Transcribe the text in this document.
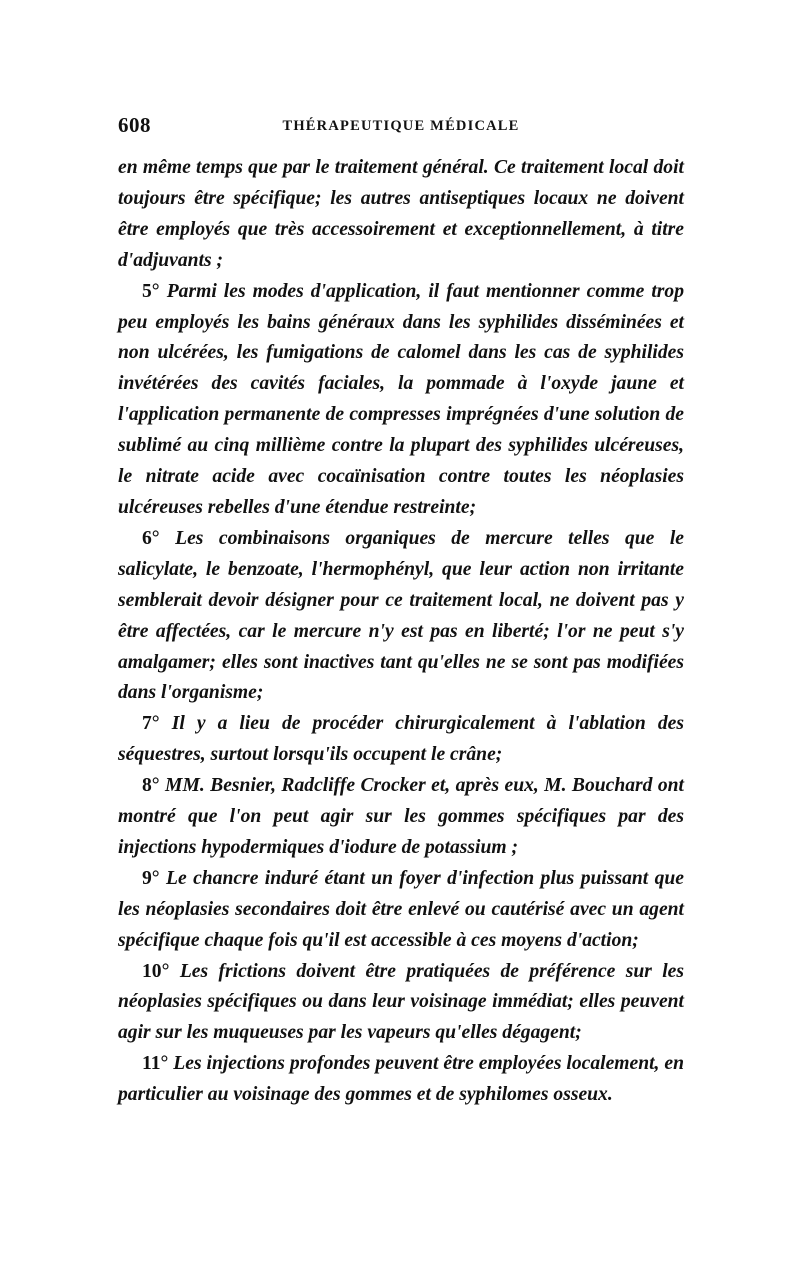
608	THÉRAPEUTIQUE MÉDICALE

en même temps que par le traitement général. Ce traitement local doit toujours être spécifique; les autres antiseptiques locaux ne doivent être employés que très accessoirement et exceptionnellement, à titre d'adjuvants ;

5° Parmi les modes d'application, il faut mentionner comme trop peu employés les bains généraux dans les syphilides disséminées et non ulcérées, les fumigations de calomel dans les cas de syphilides invétérées des cavités faciales, la pommade à l'oxyde jaune et l'application permanente de compresses imprégnées d'une solution de sublimé au cinq millième contre la plupart des syphilides ulcéreuses, le nitrate acide avec cocaïnisation contre toutes les néoplasies ulcéreuses rebelles d'une étendue restreinte;

6° Les combinaisons organiques de mercure telles que le salicylate, le benzoate, l'hermophényl, que leur action non irritante semblerait devoir désigner pour ce traitement local, ne doivent pas y être affectées, car le mercure n'y est pas en liberté; l'or ne peut s'y amalgamer; elles sont inactives tant qu'elles ne se sont pas modifiées dans l'organisme;

7° Il y a lieu de procéder chirurgicalement à l'ablation des séquestres, surtout lorsqu'ils occupent le crâne;

8° MM. Besnier, Radcliffe Crocker et, après eux, M. Bouchard ont montré que l'on peut agir sur les gommes spécifiques par des injections hypodermiques d'iodure de potassium ;

9° Le chancre induré étant un foyer d'infection plus puissant que les néoplasies secondaires doit être enlevé ou cautérisé avec un agent spécifique chaque fois qu'il est accessible à ces moyens d'action;

10° Les frictions doivent être pratiquées de préférence sur les néoplasies spécifiques ou dans leur voisinage immédiat; elles peuvent agir sur les muqueuses par les vapeurs qu'elles dégagent;

11° Les injections profondes peuvent être employées localement, en particulier au voisinage des gommes et de syphilomes osseux.
